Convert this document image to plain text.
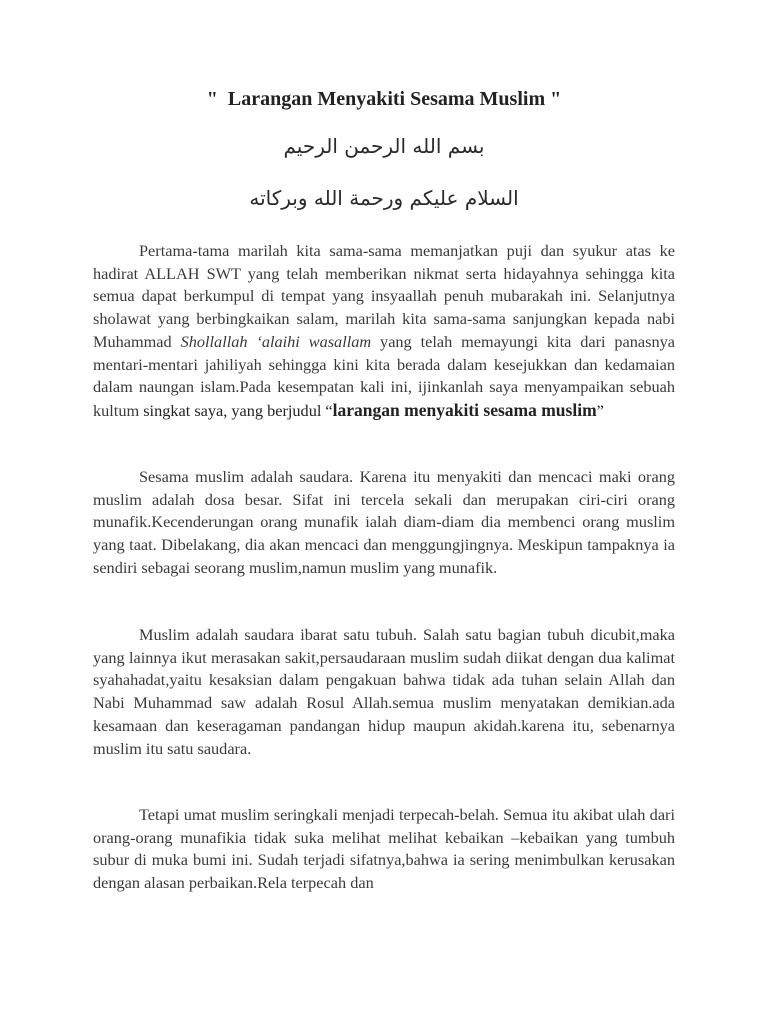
"  Larangan Menyakiti Sesama Muslim "

بسم الله الرحمن الرحيم

السلام عليكم ورحمة الله وبركاته

Pertama-tama marilah kita sama-sama memanjatkan puji dan syukur atas ke hadirat ALLAH SWT yang telah memberikan nikmat serta hidayahnya sehingga kita semua dapat berkumpul di tempat yang insyaallah penuh mubarakah ini. Selanjutnya sholawat yang berbingkaikan salam, marilah kita sama-sama sanjungkan kepada nabi Muhammad Shollallah ‘alaihi wasallam yang telah memayungi kita dari panasnya mentari-mentari jahiliyah sehingga kini kita berada dalam kesejukkan dan kedamaian dalam naungan islam.Pada kesempatan kali ini, ijinkanlah saya menyampaikan sebuah kultum singkat saya, yang berjudul “larangan menyakiti sesama muslim”

Sesama muslim adalah saudara. Karena itu menyakiti dan mencaci maki orang muslim adalah dosa besar. Sifat ini tercela sekali dan merupakan ciri-ciri orang munafik.Kecenderungan orang munafik ialah diam-diam dia membenci orang muslim yang taat. Dibelakang, dia akan mencaci dan menggungjingnya. Meskipun tampaknya ia sendiri sebagai seorang muslim,namun muslim yang munafik.

Muslim adalah saudara ibarat satu tubuh. Salah satu bagian tubuh dicubit,maka yang lainnya ikut merasakan sakit,persaudaraan muslim sudah diikat dengan dua kalimat syahahadat,yaitu kesaksian dalam pengakuan bahwa tidak ada tuhan selain Allah dan Nabi Muhammad saw adalah Rosul Allah.semua muslim menyatakan demikian.ada kesamaan dan keseragaman pandangan hidup maupun akidah.karena itu, sebenarnya muslim itu satu saudara.

Tetapi umat muslim seringkali menjadi terpecah-belah. Semua itu akibat ulah dari orang-orang munafikia tidak suka melihat melihat kebaikan –kebaikan yang tumbuh subur di muka bumi ini. Sudah terjadi sifatnya,bahwa ia sering menimbulkan kerusakan dengan alasan perbaikan.Rela terpecah dan
